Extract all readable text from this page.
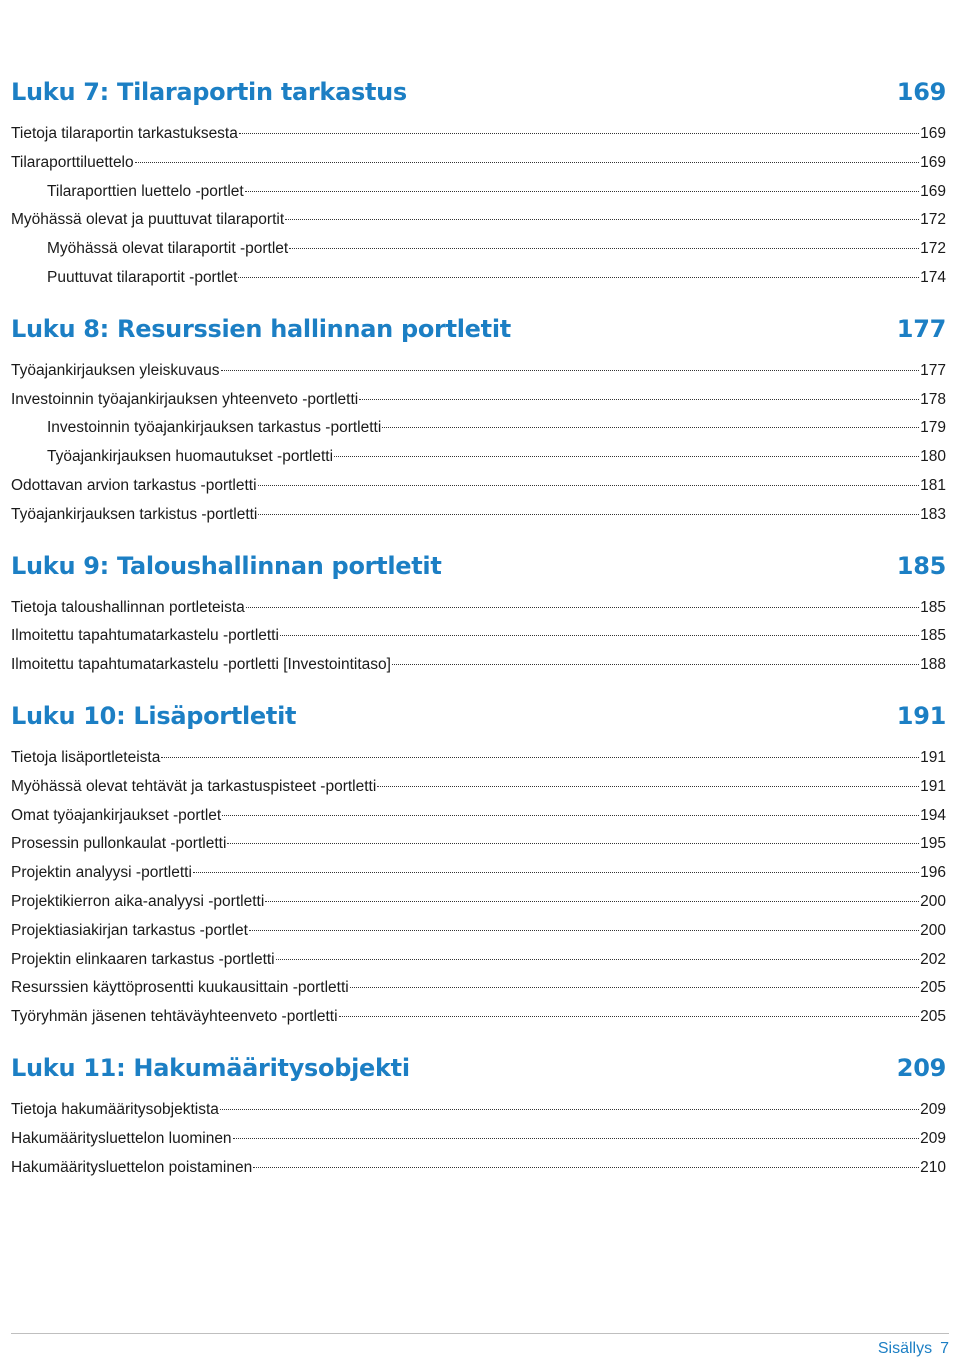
Luku 7: Tilaraportin tarkastus	169
Tietoja tilaraportin tarkastuksesta	169
Tilaraporttiluettelo	169
Tilaraporttien luettelo -portlet	169
Myöhässä olevat ja puuttuvat tilaraportit	172
Myöhässä olevat tilaraportit -portlet	172
Puuttuvat tilaraportit -portlet	174
Luku 8: Resurssien hallinnan portletit	177
Työajankirjauksen yleiskuvaus	177
Investoinnin työajankirjauksen yhteenveto -portletti	178
Investoinnin työajankirjauksen tarkastus -portletti	179
Työajankirjauksen huomautukset -portletti	180
Odottavan arvion tarkastus -portletti	181
Työajankirjauksen tarkistus -portletti	183
Luku 9: Taloushallinnan portletit	185
Tietoja taloushallinnan portleteista	185
Ilmoitettu tapahtumatarkastelu -portletti	185
Ilmoitettu tapahtumatarkastelu -portletti [Investointitaso]	188
Luku 10: Lisäportletit	191
Tietoja lisäportleteista	191
Myöhässä olevat tehtävät ja tarkastuspisteet -portletti	191
Omat työajankirjaukset -portlet	194
Prosessin pullonkaulat -portletti	195
Projektin analyysi -portletti	196
Projektikierron aika-analyysi -portletti	200
Projektiasiakirjan tarkastus -portlet	200
Projektin elinkaaren tarkastus -portletti	202
Resurssien käyttöprosentti kuukausittain -portletti	205
Työryhmän jäsenen tehtäväyhteenveto -portletti	205
Luku 11: Hakumääritysobjekti	209
Tietoja hakumääritysobjektista	209
Hakumääritysluettelon luominen	209
Hakumääritysluettelon poistaminen	210
Sisällys 7
